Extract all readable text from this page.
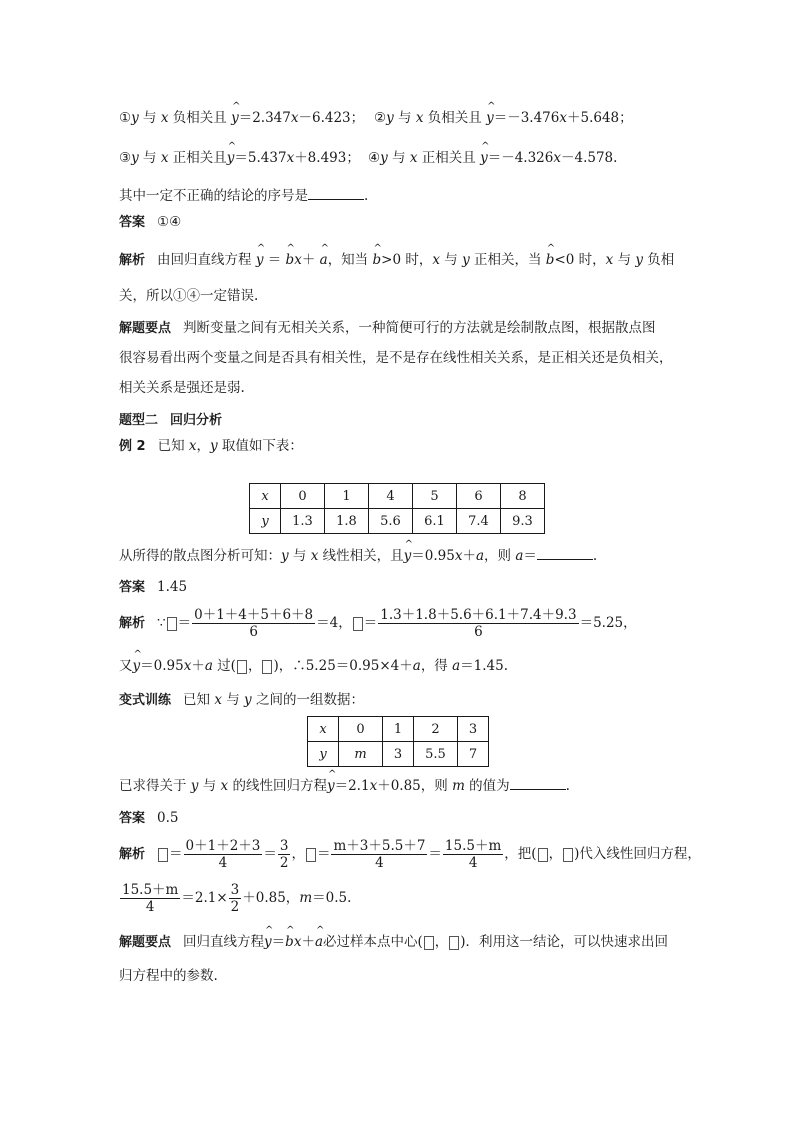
①y 与 x 负相关且 ^ y＝2.347x－6.423； ②y 与 x 负相关且 ^ y＝－3.476x＋5.648；
③y 与 x 正相关且^ y＝5.437x＋8.493； ④y 与 x 正相关且 ^ y＝－4.326x－4.578.
其中一定不正确的结论的序号是	.
答案 ①④
解析 由回归直线方程 ^ y ＝ ^ bx＋ ^ a，知当 ^ b>0 时，x 与 y 正相关，当 ^ b<0 时，x 与 y 负相
关，所以①④一定错误.
解题要点 判断变量之间有无相关关系，一种简便可行的方法就是绘制散点图，根据散点图
很容易看出两个变量之间是否具有相关性，是不是存在线性相关关系，是正相关还是负相关，
相关关系是强还是弱.
题型二 回归分析
例 2 已知 x，y 取值如下表：
x	0	1	4	5	6	8
y	1.3	1.8	5.6	6.1	7.4	9.3
从所得的散点图分析可知：y 与 x 线性相关，且^ y＝0.95x＋a，则 a＝	.
答案 1.45
解析 ∵ ＝ $\frac{0+1+4+5+6+8}{6} =4$， ＝ $\frac{1.3+1.8+5.6+6.1+7.4+9.3}{6} =5.25$，
又^ y＝0.95x＋a 过( ， )，∴5.25＝0.95×4＋a，得 a＝1.45.
变式训练 已知 x 与 y 之间的一组数据：
x	0	1	2	3
y	m	3	5.5	7
已求得关于 y 与 x 的线性回归方程^ y＝2.1x＋0.85，则 m 的值为	.
答案 0.5
解析 ＝ $\frac{0+1+2+3}{4} = \frac{3}{2}$ ， ＝ $\frac{m+3+5.5+7}{4} = \frac{15.5+m}{4}$ ，把( ， )代入线性回归方程，
$\frac{15.5+m}{4} =2.1\times \frac{3}{2} +0.85$，m＝0.5.
解题要点 回归直线方程^ y＝^ bx＋^ a必过样本点中心( ， )．利用这一结论，可以快速求出回
归方程中的参数.
